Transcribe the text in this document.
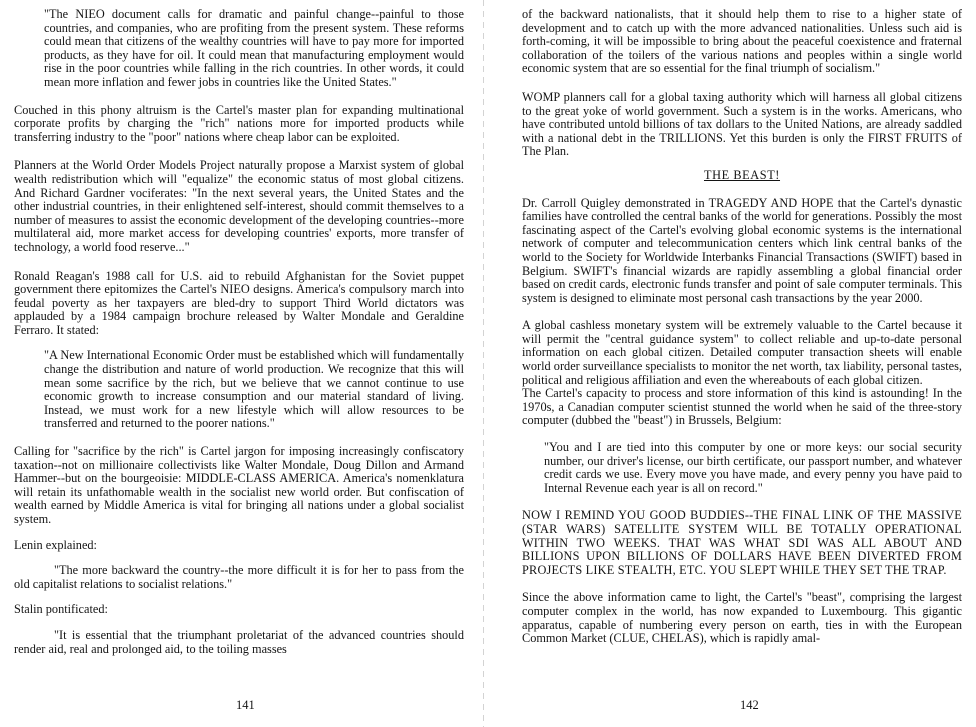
"The NIEO document calls for dramatic and painful change--painful to those countries, and companies, who are profiting from the present system. These reforms could mean that citizens of the wealthy countries will have to pay more for imported products, as they have for oil. It could mean that manufacturing employment would rise in the poor countries while falling in the rich countries. In other words, it could mean more inflation and fewer jobs in countries like the United States."

Couched in this phony altruism is the Cartel's master plan for expanding multinational corporate profits by charging the "rich" nations more for imported products while transferring industry to the "poor" nations where cheap labor can be exploited.

Planners at the World Order Models Project naturally propose a Marxist system of global wealth redistribution which will "equalize" the economic status of most global citizens. And Richard Gardner vociferates: "In the next several years, the United States and the other industrial countries, in their enlightened self-interest, should commit themselves to a number of measures to assist the economic development of the developing countries--more multilateral aid, more market access for developing countries' exports, more transfer of technology, a world food reserve..."

Ronald Reagan's 1988 call for U.S. aid to rebuild Afghanistan for the Soviet puppet government there epitomizes the Cartel's NIEO designs. America's compulsory march into feudal poverty as her taxpayers are bled-dry to support Third World dictators was applauded by a 1984 campaign brochure released by Walter Mondale and Geraldine Ferraro. It stated:

"A New International Economic Order must be established which will fundamentally change the distribution and nature of world production. We recognize that this will mean some sacrifice by the rich, but we believe that we cannot continue to use economic growth to increase consumption and our material standard of living. Instead, we must work for a new lifestyle which will allow resources to be transferred and returned to the poorer nations."

Calling for "sacrifice by the rich" is Cartel jargon for imposing increasingly confiscatory taxation--not on millionaire collectivists like Walter Mondale, Doug Dillon and Armand Hammer--but on the bourgeoisie: MIDDLE-CLASS AMERICA. America's nomenklatura will retain its unfathomable wealth in the socialist new world order. But confiscation of wealth earned by Middle America is vital for bringing all nations under a global socialist system.

Lenin explained:

"The more backward the country--the more difficult it is for her to pass from the old capitalist relations to socialist relations."

Stalin pontificated:

"It is essential that the triumphant proletariat of the advanced countries should render aid, real and prolonged aid, to the toiling masses

of the backward nationalists, that it should help them to rise to a higher state of development and to catch up with the more advanced nationalities. Unless such aid is forth-coming, it will be impossible to bring about the peaceful coexistence and fraternal collaboration of the toilers of the various nations and peoples within a single world economic system that are so essential for the final triumph of socialism."

WOMP planners call for a global taxing authority which will harness all global citizens to the great yoke of world government. Such a system is in the works. Americans, who have contributed untold billions of tax dollars to the United Nations, are already saddled with a national debt in the TRILLIONS. Yet this burden is only the FIRST FRUITS of The Plan.

THE BEAST!

Dr. Carroll Quigley demonstrated in TRAGEDY AND HOPE that the Cartel's dynastic families have controlled the central banks of the world for generations. Possibly the most fascinating aspect of the Cartel's evolving global economic systems is the international network of computer and telecommunication centers which link central banks of the world to the Society for Worldwide Interbanks Financial Transactions (SWIFT) based in Belgium. SWIFT's financial wizards are rapidly assembling a global financial order based on credit cards, electronic funds transfer and point of sale computer terminals. This system is designed to eliminate most personal cash transactions by the year 2000.

A global cashless monetary system will be extremely valuable to the Cartel because it will permit the "central guidance system" to collect reliable and up-to-date personal information on each global citizen. Detailed computer transaction sheets will enable world order surveillance specialists to monitor the net worth, tax liability, personal tastes, political and religious affiliation and even the whereabouts of each global citizen.

The Cartel's capacity to process and store information of this kind is astounding! In the 1970s, a Canadian computer scientist stunned the world when he said of the three-story computer (dubbed the "beast") in Brussels, Belgium:

"You and I are tied into this computer by one or more keys: our social security number, our driver's license, our birth certificate, our passport number, and whatever credit cards we use. Every move you have made, and every penny you have paid to Internal Revenue each year is all on record."

NOW I REMIND YOU GOOD BUDDIES--THE FINAL LINK OF THE MASSIVE (STAR WARS) SATELLITE SYSTEM WILL BE TOTALLY OPERATIONAL WITHIN TWO WEEKS. THAT WAS WHAT SDI WAS ALL ABOUT AND BILLIONS UPON BILLIONS OF DOLLARS HAVE BEEN DIVERTED FROM PROJECTS LIKE STEALTH, ETC. YOU SLEPT WHILE THEY SET THE TRAP.

Since the above information came to light, the Cartel's "beast", comprising the largest computer complex in the world, has now expanded to Luxembourg. This gigantic apparatus, capable of numbering every person on earth, ties in with the European Common Market (CLUE, CHELAS), which is rapidly amal-

141	142
